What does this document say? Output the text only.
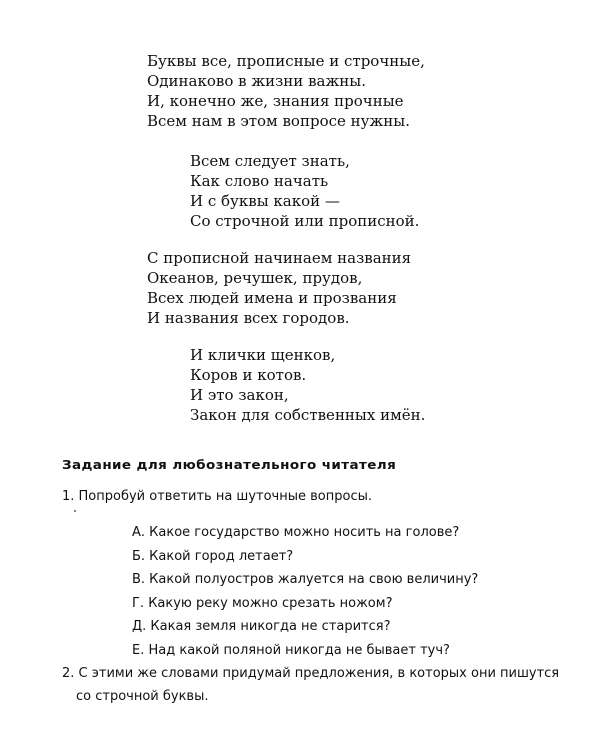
Буквы все, прописные и строчные,
Одинаково в жизни важны.
И, конечно же, знания прочные
Всем нам в этом вопросе нужны.
Всем следует знать,
Как слово начать
И с буквы какой —
Со строчной или прописной.
С прописной начинаем названия
Океанов, речушек, прудов,
Всех людей имена и прозвания
И названия всех городов.
И клички щенков,
Коров и котов.
И это закон,
Закон для собственных имён.
Задание для любознательного читателя

1. Попробуй ответить на шуточные вопросы.

А. Какое государство можно носить на голове?
Б. Какой город летает?
В. Какой полуостров жалуется на свою величину?
Г. Какую реку можно срезать ножом?
Д. Какая земля никогда не старится?
Е. Над какой поляной никогда не бывает туч?

2. С этими же словами придумай предложения, в которых они пишутся
со строчной буквы.
